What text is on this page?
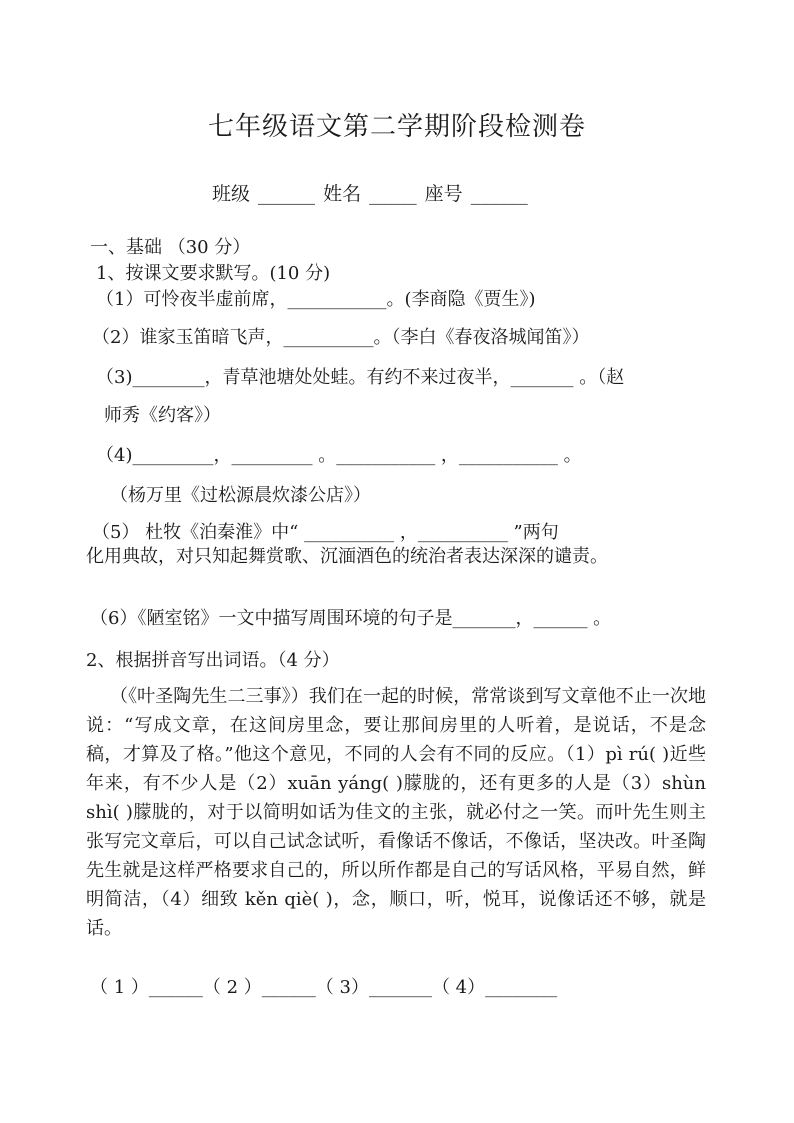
七年级语文第二学期阶段检测卷
班级 ______ 姓名 _____ 座号 ______
一、基础 （30 分）
1、按课文要求默写。(10 分)
（1）可怜夜半虚前席，___________。(李商隐《贾生》)
（2）谁家玉笛暗飞声，__________。（李白《春夜洛城闻笛》）
（3)________，青草池塘处处蛙。有约不来过夜半，_______ 。（赵
师秀《约客》）
（4)_________，_________ 。___________ ，___________ 。
（杨万里《过松源晨炊漆公店》）
（5） 杜牧《泊秦淮》中“ __________ ，__________ ”两句
化用典故，对只知起舞赏歌、沉湎酒色的统治者表达深深的谴责。
（6）《陋室铭》一文中描写周围环境的句子是_______，______ 。
2、根据拼音写出词语。（4 分）
（《叶圣陶先生二三事》）我们在一起的时候，常常谈到写文章他不止一次地说：“写成文章，在这间房里念，要让那间房里的人听着，是说话，不是念稿，才算及了格。”他这个意见，不同的人会有不同的反应。（1）pì rú( )近些年来，有不少人是（2）xuān yáng( )朦胧的，还有更多的人是（3）shùn shì( )朦胧的，对于以简明如话为佳文的主张，就必付之一笑。而叶先生则主张写完文章后，可以自己试念试听，看像话不像话，不像话，坚决改。叶圣陶先生就是这样严格要求自己的，所以所作都是自己的写话风格，平易自然，鲜明简洁，（4）细致 kěn qiè( )，念，顺口，听，悦耳，说像话还不够，就是话。
（ 1 ）______（ 2 ）______（ 3）_______（ 4）________
